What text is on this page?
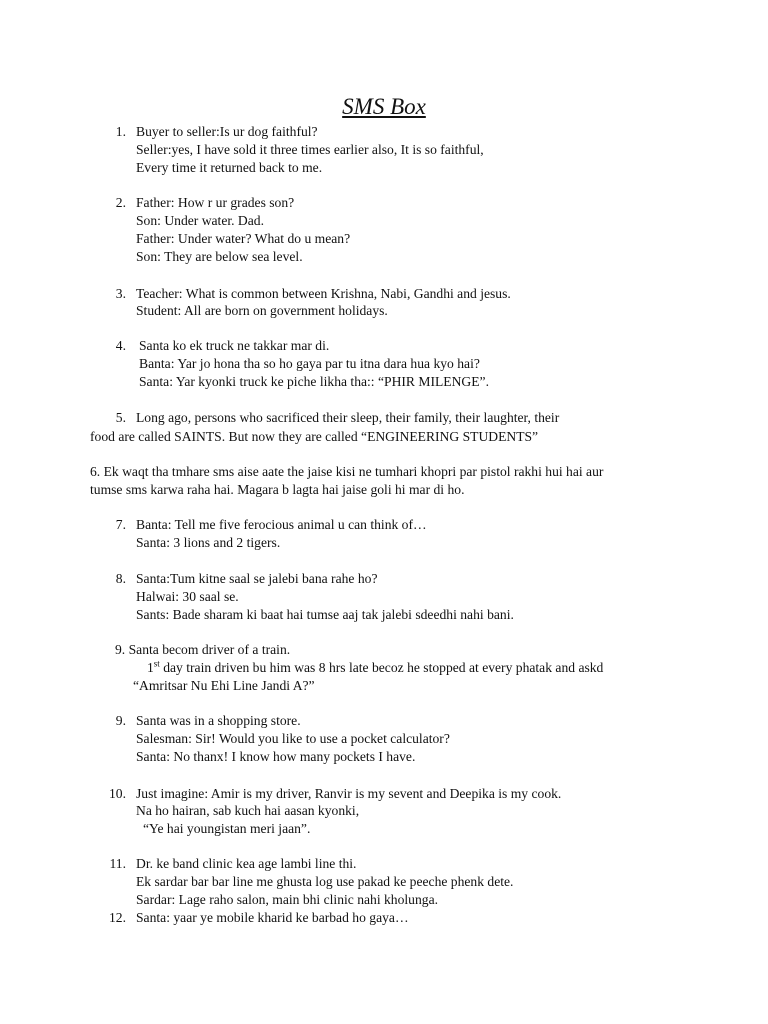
SMS Box
1. Buyer to seller:Is ur dog faithful?
Seller:yes, I have sold it three times earlier also, It is so faithful,
Every time it returned back to me.
2. Father: How r ur grades son?
Son: Under water. Dad.
Father: Under water? What do u mean?
Son: They are below sea level.
3. Teacher: What is common between Krishna, Nabi, Gandhi and jesus.
Student: All are born on government holidays.
4. Santa ko ek truck ne takkar mar di.
Banta: Yar jo hona tha so ho gaya par tu itna dara hua kyo hai?
Santa: Yar kyonki truck ke piche likha tha:: “PHIR MILENGE”.
5. Long ago, persons who sacrificed their sleep, their family, their laughter, their
food are called SAINTS. But now they are called “ENGINEERING STUDENTS”
6. Ek waqt tha tmhare sms aise aate the jaise kisi ne tumhari khopri par pistol rakhi hui hai aur
tumse sms karwa raha hai. Magara b lagta hai jaise goli hi mar di ho.
7. Banta: Tell me five ferocious animal u can think of…
Santa: 3 lions and 2 tigers.
8. Santa:Tum kitne saal se jalebi bana rahe ho?
Halwai: 30 saal se.
Sants: Bade sharam ki baat hai tumse aaj tak jalebi sdeedhi nahi bani.
9. Santa becom driver of a train.
1st day train driven bu him was 8 hrs late becoz he stopped at every phatak and askd
“Amritsar Nu Ehi Line Jandi A?”
9. Santa was in a shopping store.
Salesman: Sir! Would you like to use a pocket calculator?
Santa: No thanx! I know how many pockets I have.
10. Just imagine: Amir is my driver, Ranvir is my sevent and Deepika is my cook.
Na ho hairan, sab kuch hai aasan kyonki,
“Ye hai youngistan meri jaan”.
11. Dr. ke band clinic kea age lambi line thi.
Ek sardar bar bar line me ghusta log use pakad ke peeche phenk dete.
Sardar: Lage raho salon, main bhi clinic nahi kholunga.
12. Santa: yaar ye mobile kharid ke barbad ho gaya…
